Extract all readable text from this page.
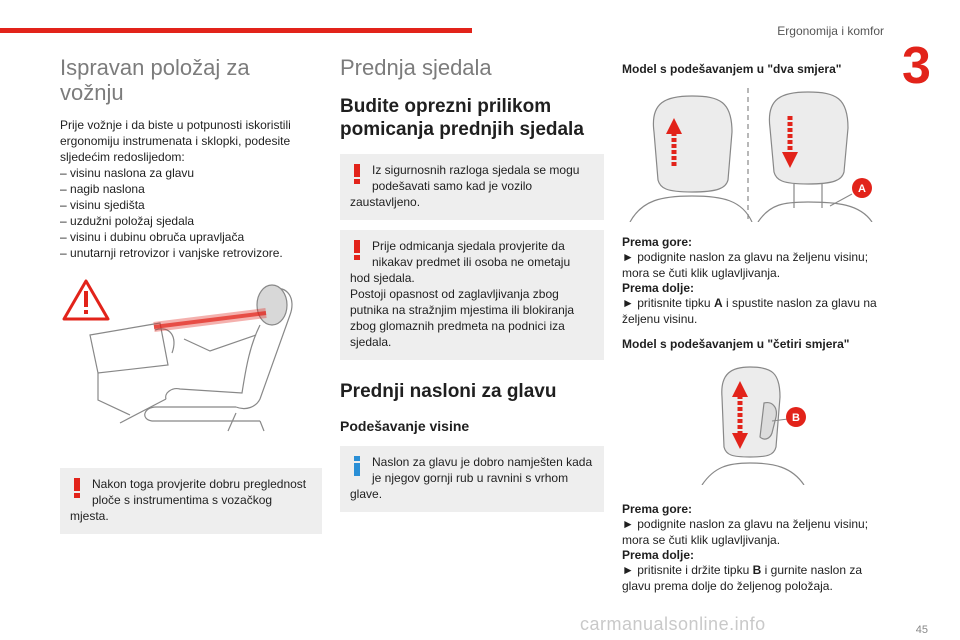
Ergonomija i komfor
3
Ispravan položaj za vožnju
Prije vožnje i da biste u potpunosti iskoristili
ergonomiju instrumenata i sklopki, podesite
sljedećim redoslijedom:
– visinu naslona za glavu
– nagib naslona
– visinu sjedišta
– uzdužni položaj sjedala
– visinu i dubinu obruča upravljača
– unutarnji retrovizor i vanjske retrovizore.
Nakon toga provjerite dobru preglednost
ploče s instrumentima s vozačkog
mjesta.
Prednja sjedala
Budite oprezni prilikom pomicanja prednjih sjedala
Iz sigurnosnih razloga sjedala se mogu
podešavati samo kad je vozilo
zaustavljeno.
Prije odmicanja sjedala provjerite da
nikakav predmet ili osoba ne ometaju
hod sjedala.
Postoji opasnost od zaglavljivanja zbog
putnika na stražnjim mjestima ili blokiranja
zbog glomaznih predmeta na podnici iza
sjedala.
Prednji nasloni za glavu
Podešavanje visine
Naslon za glavu je dobro namješten kada
je njegov gornji rub u ravnini s vrhom
glave.
Model s podešavanjem u "dva smjera"
A
Prema gore:
► podignite naslon za glavu na željenu visinu;
mora se čuti klik uglavljivanja.
Prema dolje:
► pritisnite tipku A i spustite naslon za glavu na
željenu visinu.
Model s podešavanjem u "četiri smjera"
B
Prema gore:
► podignite naslon za glavu na željenu visinu;
mora se čuti klik uglavljivanja.
Prema dolje:
► pritisnite i držite tipku B i gurnite naslon za
glavu prema dolje do željenog položaja.
carmanualsonline.info	45
